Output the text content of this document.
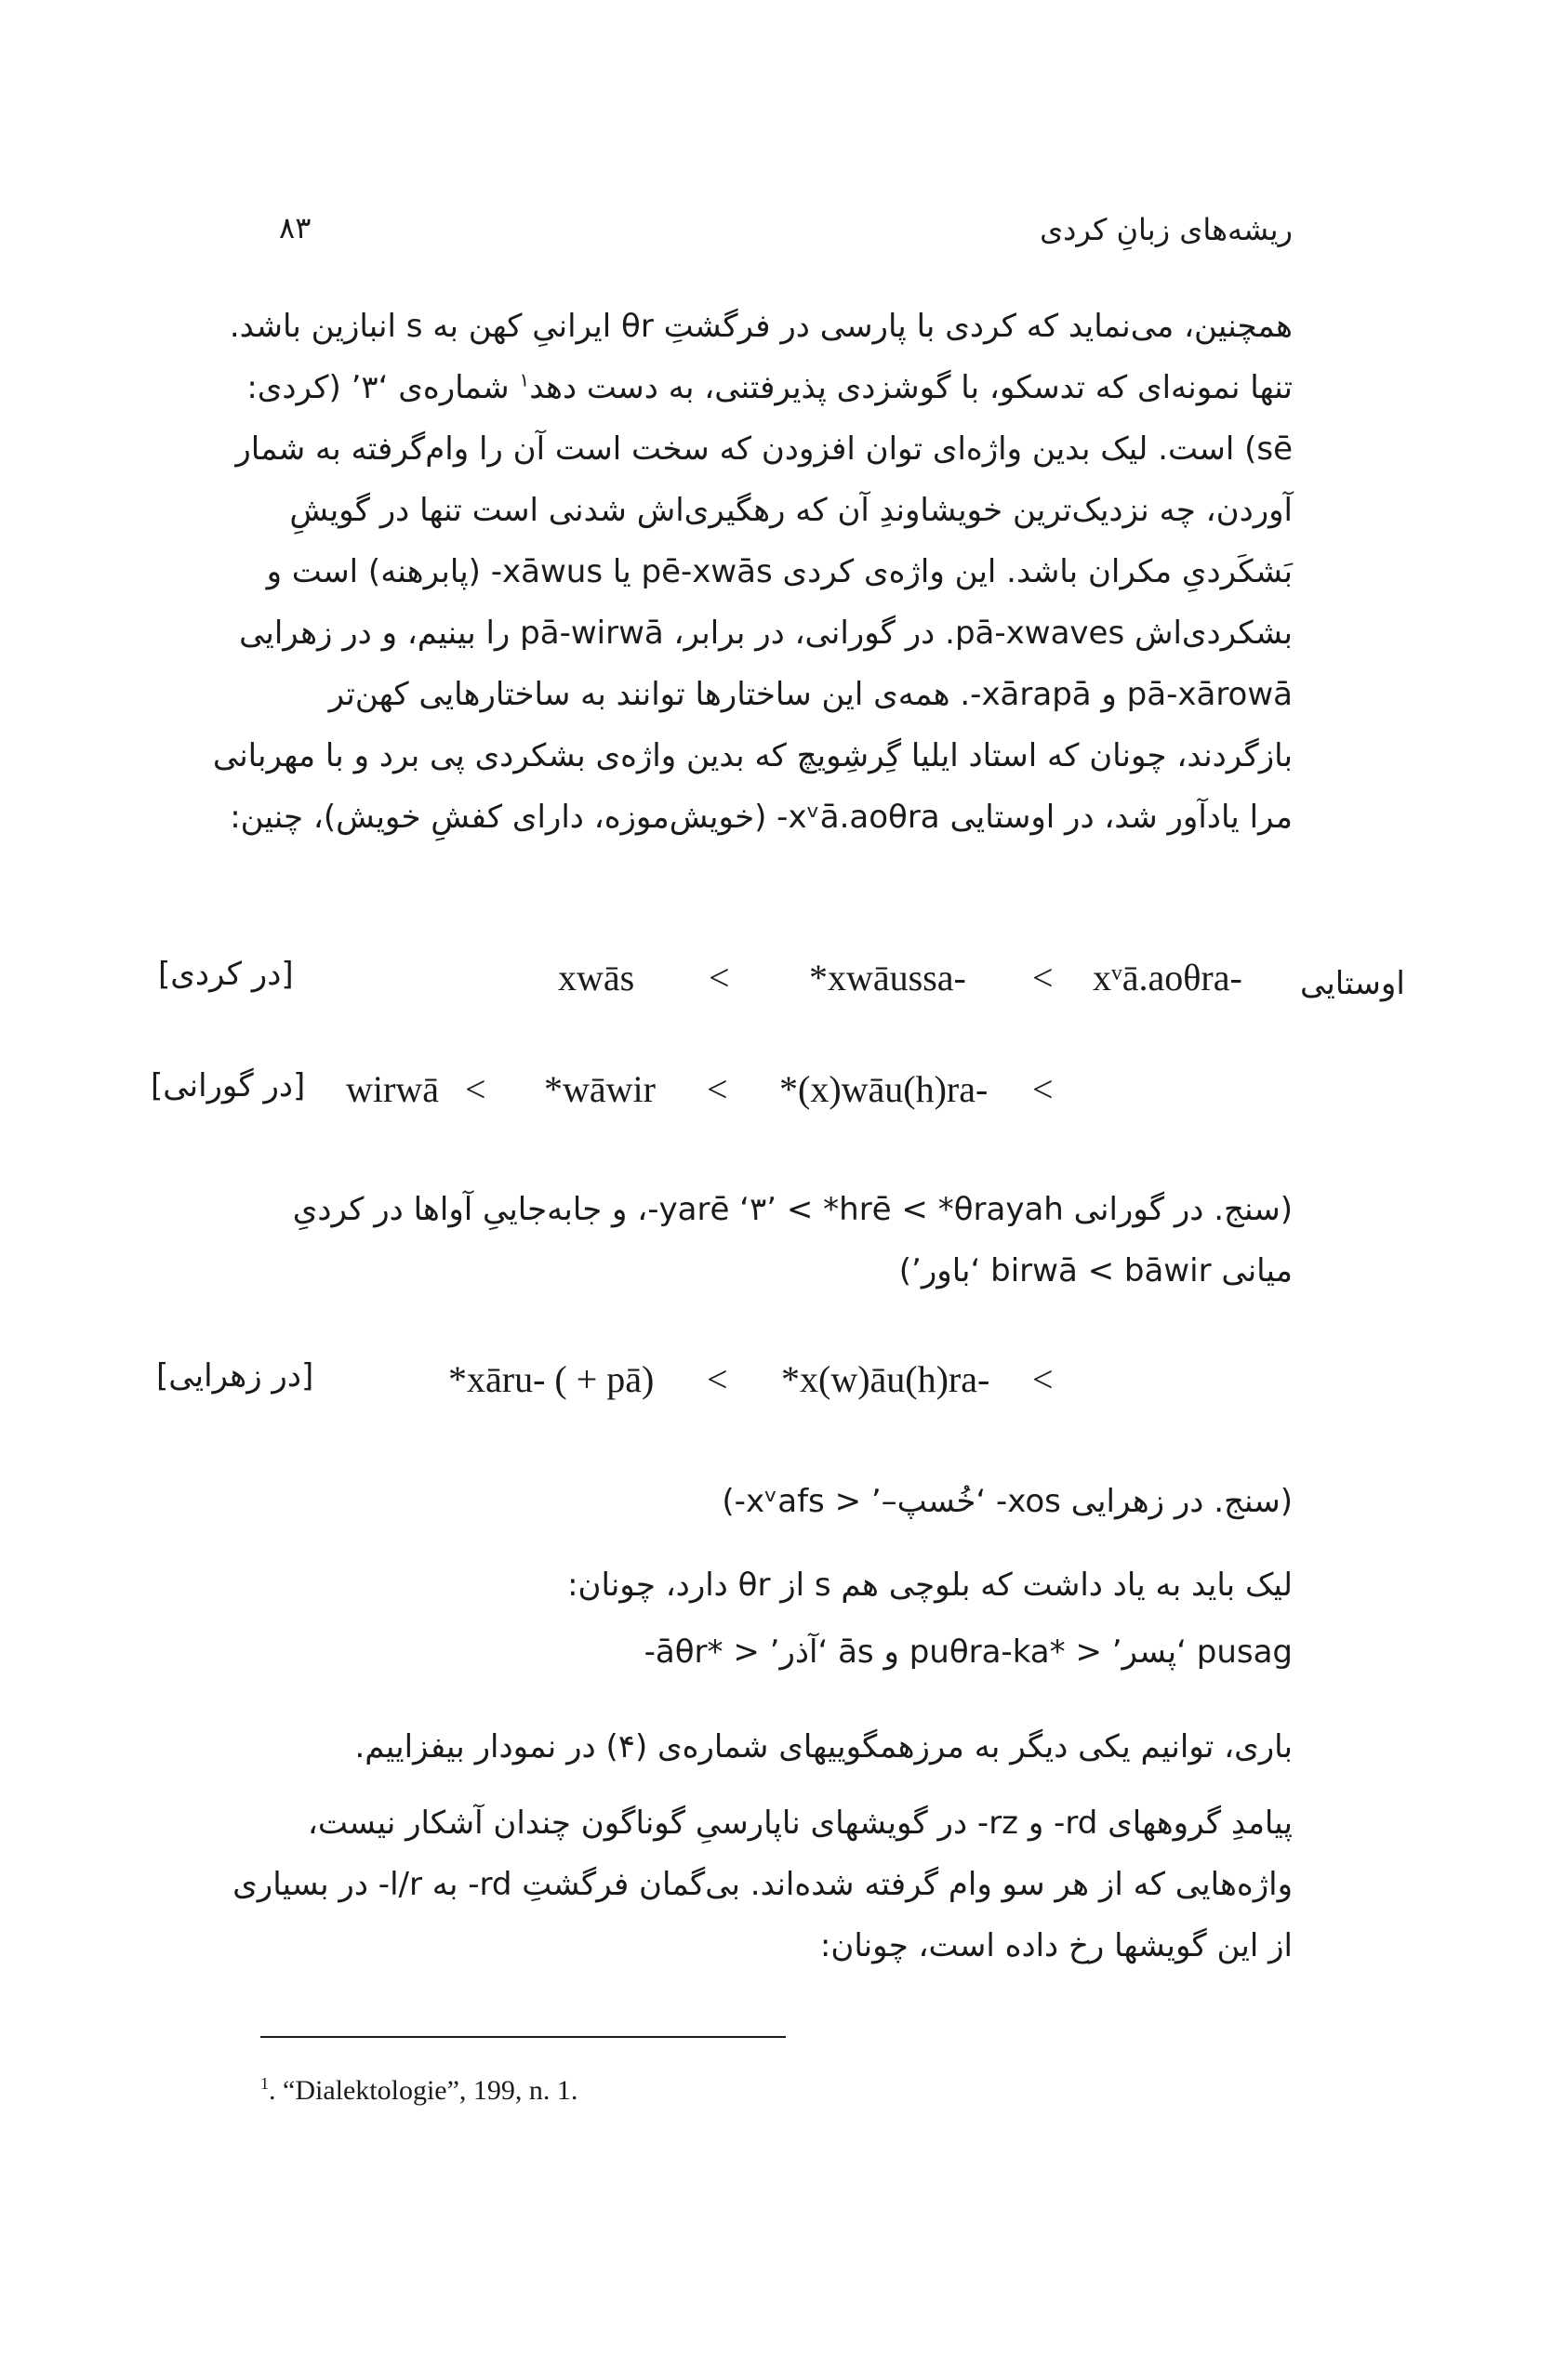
ریشه‌های زبانِ کردی
۸۳
همچنین، می‌نماید که کردی با پارسی در فرگشتِ θr ایرانیِ کهن به s انبازین باشد.
تنها نمونه‌ای که تدسکو، با گوشزدی پذیرفتنی، به دست دهد$^۱$ شماره‌ی ‘۳’ (کردی:
sē) است. لیک بدین واژه‌ای توان افزودن که سخت است آن را وام‌گرفته به شمار
آوردن، چه نزدیک‌ترین خویشاوندِ آن که رهگیری‌اش شدنی است تنها در گویشِ
بَشکَردیِ مکران باشد. این واژه‌ی کردی pē-xwās یا xāwus- (پابرهنه) است و
بشکردی‌اش pā-xwaves. در گورانی، در برابر، pā-wirwā را بینیم، و در زهرایی
pā-xārowā و xārapā-. همه‌ی این ساختارها توانند به ساختارهایی کهن‌تر
بازگردند، چونان که استاد ایلیا گِرشِویچ که بدین واژه‌ی بشکردی پی برد و با مهربانی
مرا یادآور شد، در اوستایی xᵛā.aoθra- (خویش‌موزه، دارای کفشِ خویش)، چنین:
[در کردی]	xwās < *xwāussa- < xᵛā.aoθra- اوستایی
[در گورانی] wirwā < *wāwir < *(x)wāu(h)ra- <
(سنج. در گورانی yarē ‘۳’ < *hrē < *θrayah-، و جابه‌جاییِ آواها در کردیِ
میانی birwā < bāwir ‘باور’)
[در زهرایی]	*xāru- ( + pā) < *x(w)āu(h)ra- <
(سنج. در زهرایی xos- ‘خُسپ–’ < xᵛafs-)
لیک باید به یاد داشت که بلوچی هم s از θr دارد، چونان:
pusag ‘پسر’ < *puθra-ka و ās ‘آذر’ < *āθr-
باری، توانیم یکی دیگر به مرزهمگوییهای شماره‌ی (۴) در نمودار بیفزاییم.
پیامدِ گروههای rd- و rz- در گویشهای ناپارسیِ گوناگون چندان آشکار نیست،
واژه‌هایی که از هر سو وام گرفته شده‌اند. بی‌گمان فرگشتِ rd- به l/r- در بسیاری
از این گویشها رخ داده است، چونان:
$^1$. “Dialektologie”, 199, n. 1.
